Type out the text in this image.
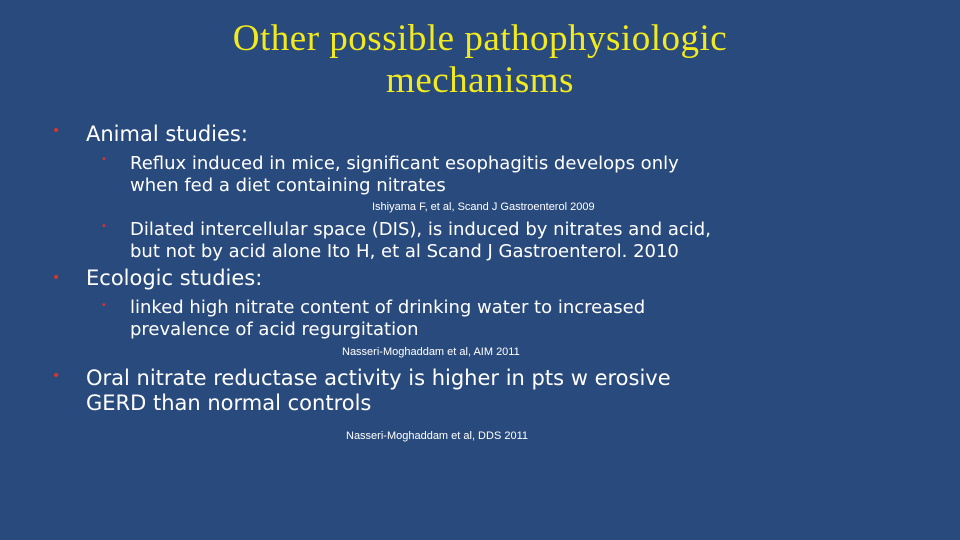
Other possible pathophysiologic
mechanisms
• Animal studies:
• Reflux induced in mice, significant esophagitis develops only
when fed a diet containing nitrates
Ishiyama F, et al, Scand J Gastroenterol 2009
• Dilated intercellular space (DIS), is induced by nitrates and acid,
but not by acid alone Ito H, et al Scand J Gastroenterol. 2010
• Ecologic studies:
• linked high nitrate content of drinking water to increased
prevalence of acid regurgitation
Nasseri-Moghaddam et al, AIM 2011
• Oral nitrate reductase activity is higher in pts w erosive
GERD than normal controls
Nasseri-Moghaddam et al, DDS 2011
